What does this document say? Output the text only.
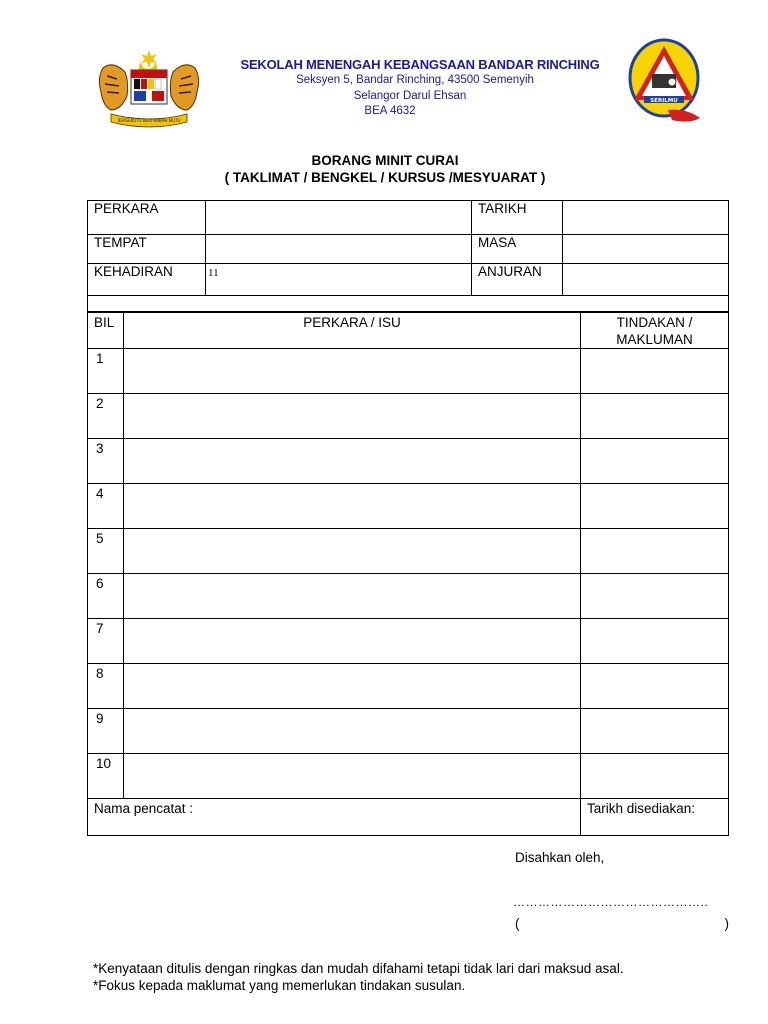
BERSEKUTU BERTAMBAH MUTU
SERILMU
SEKOLAH MENENGAH KEBANGSAAN BANDAR RINCHING
Seksyen 5, Bandar Rinching, 43500 Semenyih
Selangor Darul Ehsan
BEA 4632
BORANG MINIT CURAI
( TAKLIMAT / BENGKEL / KURSUS /MESYUARAT )
PERKARA		TARIKH	

TEMPAT		MASA	

KEHADIRAN	11	ANJURAN	

BIL	PERKARA / ISU	TINDAKAN /
MAKLUMAN

1		

2		

3		

4		

5		

6		

7		

8		

9		

10		

Nama pencatat :		Tarikh disediakan:
Disahkan oleh,
………………………………………..
(	)
*Kenyataan ditulis dengan ringkas dan mudah difahami tetapi tidak lari dari maksud asal.
*Fokus kepada maklumat yang memerlukan tindakan susulan.
